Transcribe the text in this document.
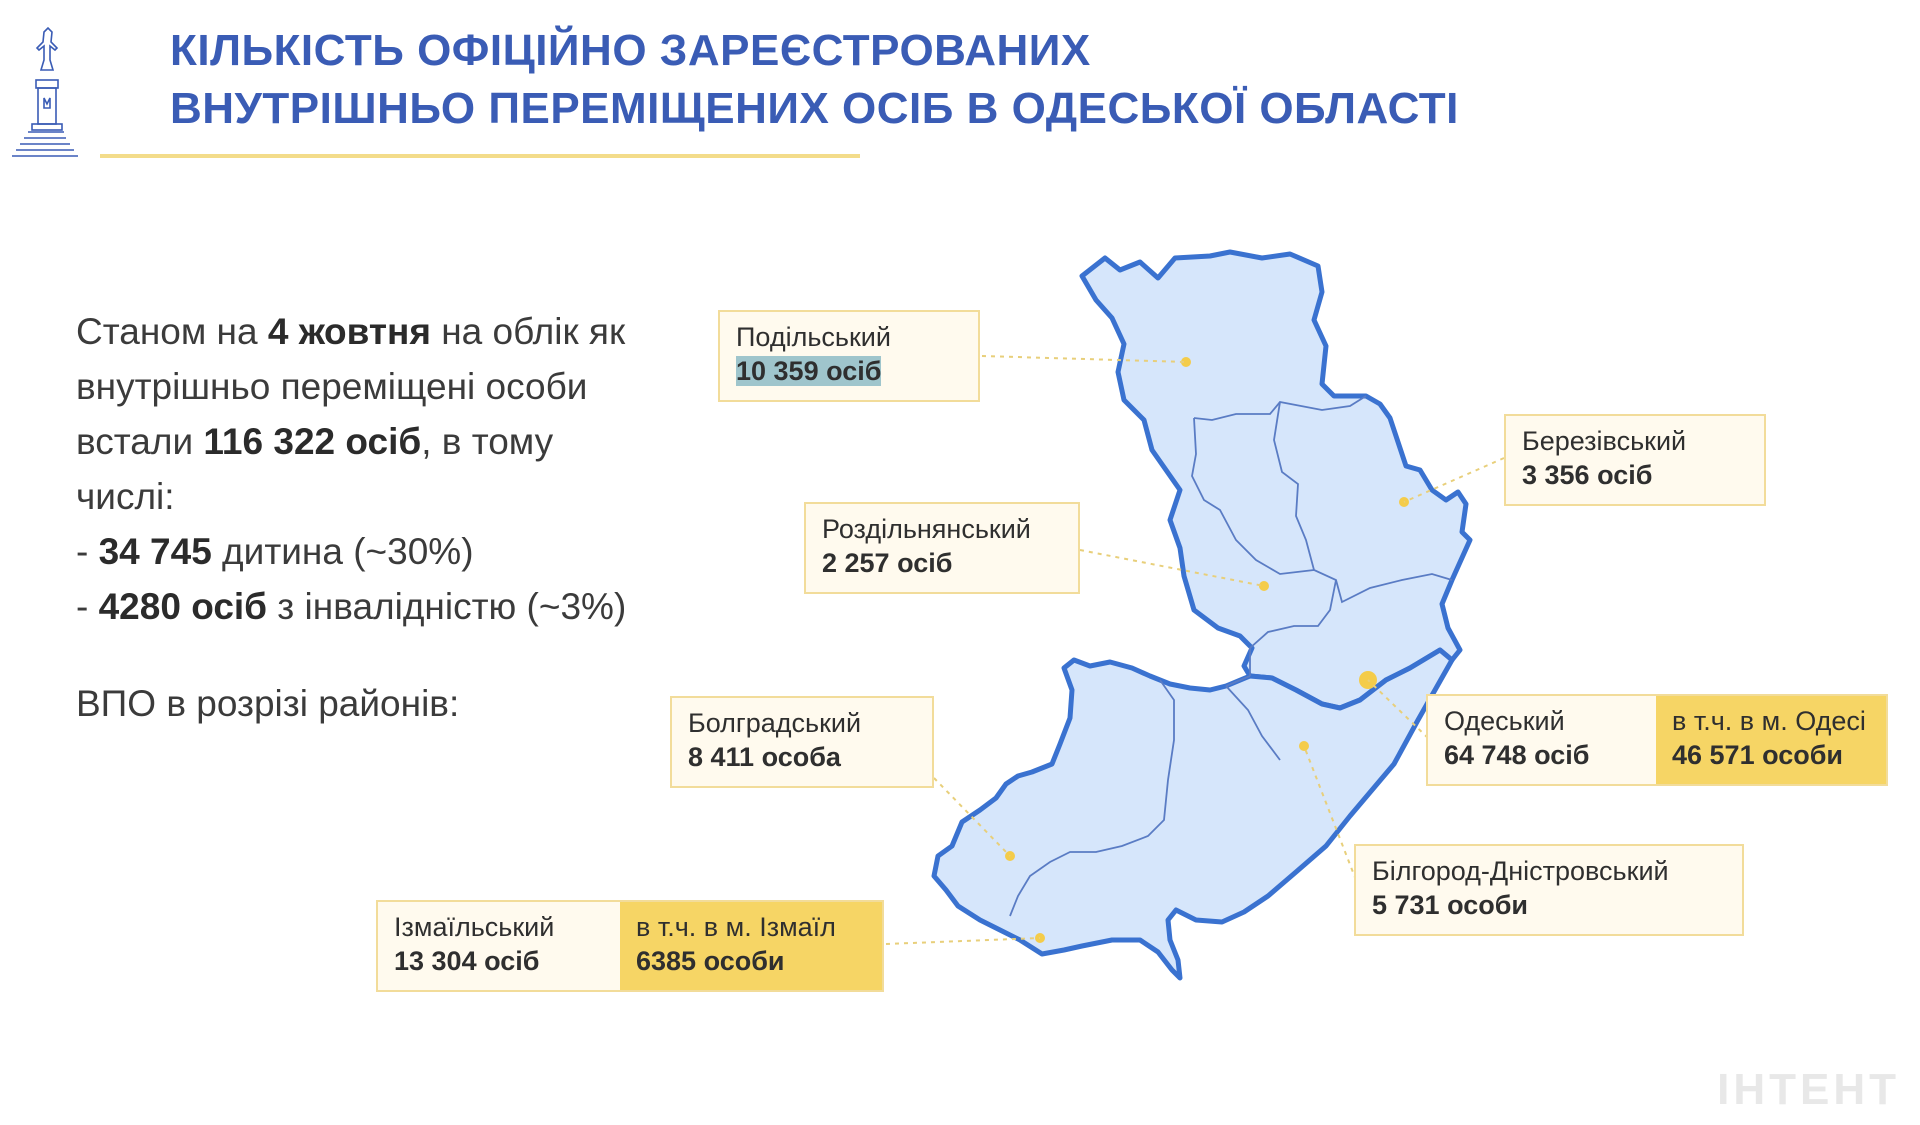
КІЛЬКІСТЬ ОФІЦІЙНО ЗАРЕЄСТРОВАНИХ
ВНУТРІШНЬО ПЕРЕМІЩЕНИХ ОСІБ В ОДЕСЬКОЇ ОБЛАСТІ
Станом на 4 жовтня на облік як внутрішньо переміщені особи встали 116 322 осіб, в тому числі:
- 34 745 дитина (~30%)
- 4280 осіб з інвалідністю (~3%)
ВПО в розрізі районів:
Подільський
10 359 осіб
Березівський
3 356 осіб
Роздільнянський
2 257 осіб
Одеський
64 748 осіб
в т.ч. в м. Одесі
46 571 особи
Болградський
8 411 особа
Білгород-Дністровський
5 731 особи
Ізмаїльський
13 304 осіб
в т.ч. в м. Ізмаїл
6385 особи
ІНТЕНТ
